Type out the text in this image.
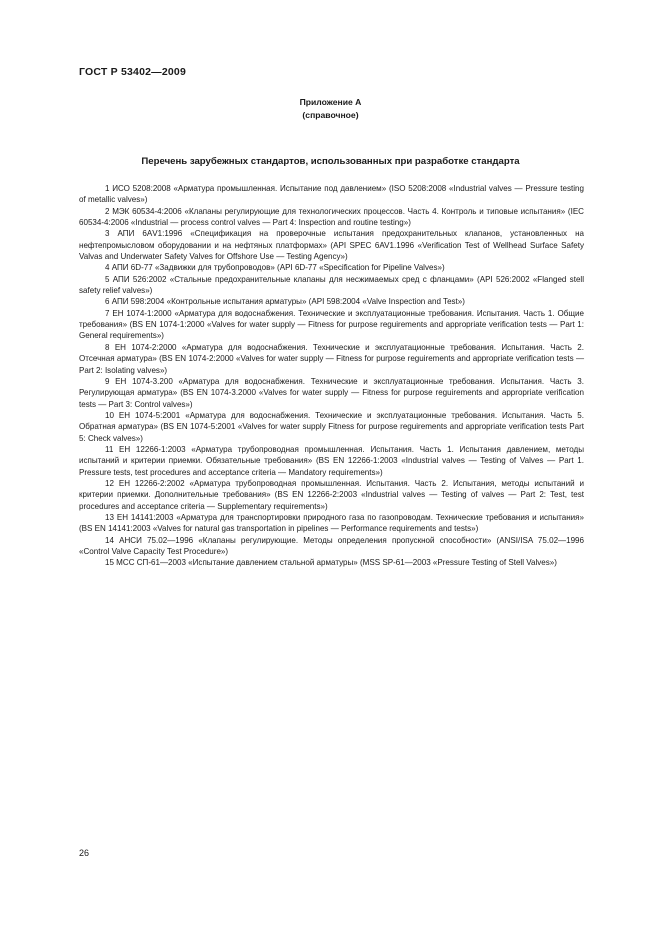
ГОСТ Р 53402—2009
Приложение А
(справочное)
Перечень зарубежных стандартов, использованных при разработке стандарта

1 ИСО 5208:2008 «Арматура промышленная. Испытание под давлением» (ISO 5208:2008 «Industrial valves — Pressure testing of metallic valves»)

2 МЭК 60534-4:2006 «Клапаны регулирующие для технологических процессов. Часть 4. Контроль и типовые испытания» (IEC 60534-4:2006 «Industrial — process control valves — Part 4: Inspection and routine testing»)

3 АПИ 6АV1:1996 «Спецификация на проверочные испытания предохранительных клапанов, установленных на нефтепромысловом оборудовании и на нефтяных платформах» (API SPEC 6AV1.1996 «Verification Test of Wellhead Surface Safety Valvas and Underwater Safety Valves for Offshore Use — Testing Agency»)

4 АПИ 6D-77 «Задвижки для трубопроводов» (API 6D-77 «Specification for Pipeline Valves»)

5 АПИ 526:2002 «Стальные предохранительные клапаны для несжимаемых сред с фланцами» (API 526:2002 «Flanged stell safety relief valves»)

6 АПИ 598:2004 «Контрольные испытания арматуры» (API 598:2004 «Valve Inspection and Test»)

7 ЕН 1074-1:2000 «Арматура для водоснабжения. Технические и эксплуатационные требования. Испытания. Часть 1. Общие требования» (BS EN 1074-1:2000 «Valves for water supply — Fitness for purpose reguirements and appropriate verification tests — Part 1: General requirements»)

8 ЕН 1074-2:2000 «Арматура для водоснабжения. Технические и эксплуатационные требования. Испытания. Часть 2. Отсечная арматура» (BS EN 1074-2:2000 «Valves for water supply — Fitness for purpose reguirements and appropriate verification tests — Part 2: Isolating valves»)

9 ЕН 1074-3.200 «Арматура для водоснабжения. Технические и эксплуатационные требования. Испытания. Часть 3. Регулирующая арматура» (BS EN 1074-3.2000 «Valves for water supply — Fitness for purpose reguirements and appropriate verification tests — Part 3: Control valves»)

10 ЕН 1074-5:2001 «Арматура для водоснабжения. Технические и эксплуатационные требования. Испытания. Часть 5. Обратная арматура» (BS EN 1074-5:2001 «Valves for water supply Fitness for purpose reguirements and appropriate verification tests Part 5: Check valves»)

11 ЕН 12266-1:2003 «Арматура трубопроводная промышленная. Испытания. Часть 1. Испытания давлением, методы испытаний и критерии приемки. Обязательные требования» (BS EN 12266-1:2003 «Industrial valves — Testing of Valves — Part 1. Pressure tests, test procedures and acceptance criteria — Mandatory requirements»)

12 ЕН 12266-2:2002 «Арматура трубопроводная промышленная. Испытания. Часть 2. Испытания, методы испытаний и критерии приемки. Дополнительные требования» (BS EN 12266-2:2003 «Industrial valves — Testing of valves — Part 2: Test, test procedures and acceptance criteria — Supplementary requirements»)

13 ЕН 14141:2003 «Арматура для транспортировки природного газа по газопроводам. Технические требования и испытания» (BS EN 14141:2003 «Valves for natural gas transportation in pipelines — Performance requirements and tests»)

14 АНСИ 75.02—1996 «Клапаны регулирующие. Методы определения пропускной способности» (ANSI/ISA 75.02—1996 «Control Valve Capacity Test Procedure»)

15 МСС СП-61—2003 «Испытание давлением стальной арматуры» (MSS SP-61—2003 «Pressure Testing of Stell Valves»)

26
